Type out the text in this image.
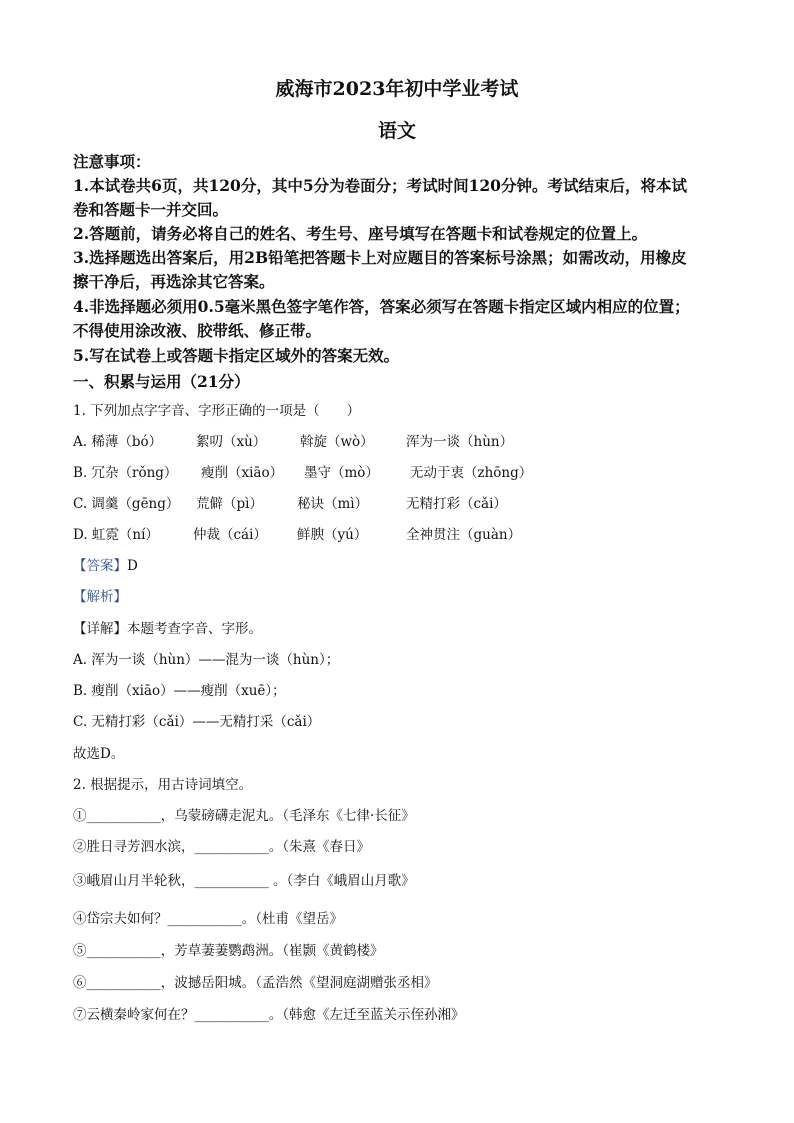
威海市2023年初中学业考试
语文
注意事项：
1.本试卷共6页，共120分，其中5分为卷面分；考试时间120分钟。考试结束后，将本试
卷和答题卡一并交回。
2.答题前，请务必将自己的姓名、考生号、座号填写在答题卡和试卷规定的位置上。
3.选择题选出答案后，用2B铅笔把答题卡上对应题目的答案标号涂黑；如需改动，用橡皮
擦干净后，再选涂其它答案。
4.非选择题必须用0.5毫米黑色签字笔作答，答案必须写在答题卡指定区域内相应的位置；
不得使用涂改液、胶带纸、修正带。
5.写在试卷上或答题卡指定区域外的答案无效。
一、积累与运用（21分）
1. 下列加点字字音、字形正确的一项是（　　）
A. 稀薄（bó）	絮叨（xù） 斡旋（wò） 浑为一谈（hùn）
B. 冗杂（rǒng） 瘦削（xiāo） 墨守（mò） 无动于衷（zhōng）
C. 调羹（gēng） 荒僻（pì）	秘诀（mì）	无精打彩（cǎi）
D. 虹霓（ní）	仲裁（cái） 鲜腴（yú）	全神贯注（guàn）
【答案】D
【解析】
【详解】本题考查字音、字形。
A. 浑为一谈（hùn）——混为一谈（hùn）；
B. 瘦削（xiāo）——瘦削（xuē）；
C. 无精打彩（cǎi）——无精打采（cǎi）
故选D。
2. 根据提示，用古诗词填空。
①___________，乌蒙磅礴走泥丸。（毛泽东《七律·长征》
②胜日寻芳泗水滨，___________。（朱熹《春日》
③峨眉山月半轮秋，___________ 。（李白《峨眉山月歌》
④岱宗夫如何？___________。（杜甫《望岳》
⑤___________，芳草萋萋鹦鹉洲。（崔颢《黄鹤楼》
⑥___________，波撼岳阳城。（孟浩然《望洞庭湖赠张丞相》
⑦云横秦岭家何在？___________。（韩愈《左迁至蓝关示侄孙湘》
